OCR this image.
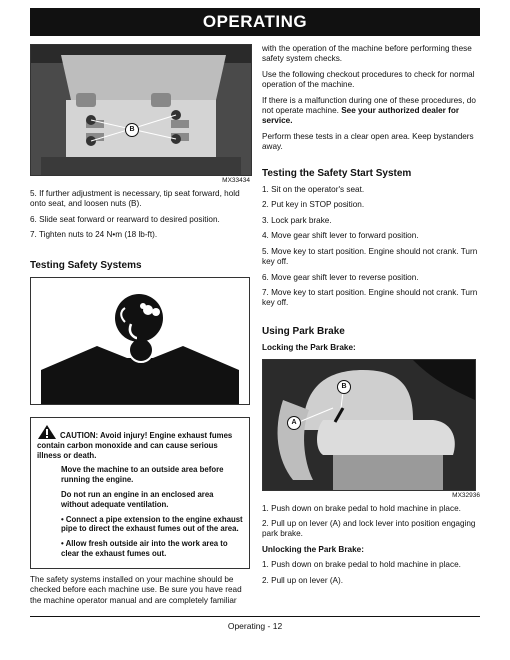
OPERATING
B
MX33434

5. If further adjustment is necessary, tip seat forward, hold onto seat, and loosen nuts (B).

6. Slide seat forward or rearward to desired position.

7. Tighten nuts to 24 N•m (18 lb-ft).

Testing Safety Systems
CAUTION: Avoid injury! Engine exhaust fumes contain carbon monoxide and can cause serious illness or death.
Move the machine to an outside area before running the engine.
Do not run an engine in an enclosed area without adequate ventilation.
• Connect a pipe extension to the engine exhaust pipe to direct the exhaust fumes out of the area.
• Allow fresh outside air into the work area to clear the exhaust fumes out.

The safety systems installed on your machine should be checked before each machine use. Be sure you have read the machine operator manual and are completely familiar

with the operation of the machine before performing these safety system checks.

Use the following checkout procedures to check for normal operation of the machine.

If there is a malfunction during one of these procedures, do not operate machine. See your authorized dealer for service.

Perform these tests in a clear open area. Keep bystanders away.

Testing the Safety Start System

1. Sit on the operator's seat.

2. Put key in STOP position.

3. Lock park brake.

4. Move gear shift lever to forward position.

5. Move key to start position. Engine should not crank. Turn key off.

6. Move gear shift lever to reverse position.

7. Move key to start position. Engine should not crank. Turn key off.

Using Park Brake
Locking the Park Brake:
A
B
MX32936

1. Push down on brake pedal to hold machine in place.

2. Pull up on lever (A) and lock lever into position engaging park brake.

Unlocking the Park Brake:

1. Push down on brake pedal to hold machine in place.

2. Pull up on lever (A).

Operating - 12
